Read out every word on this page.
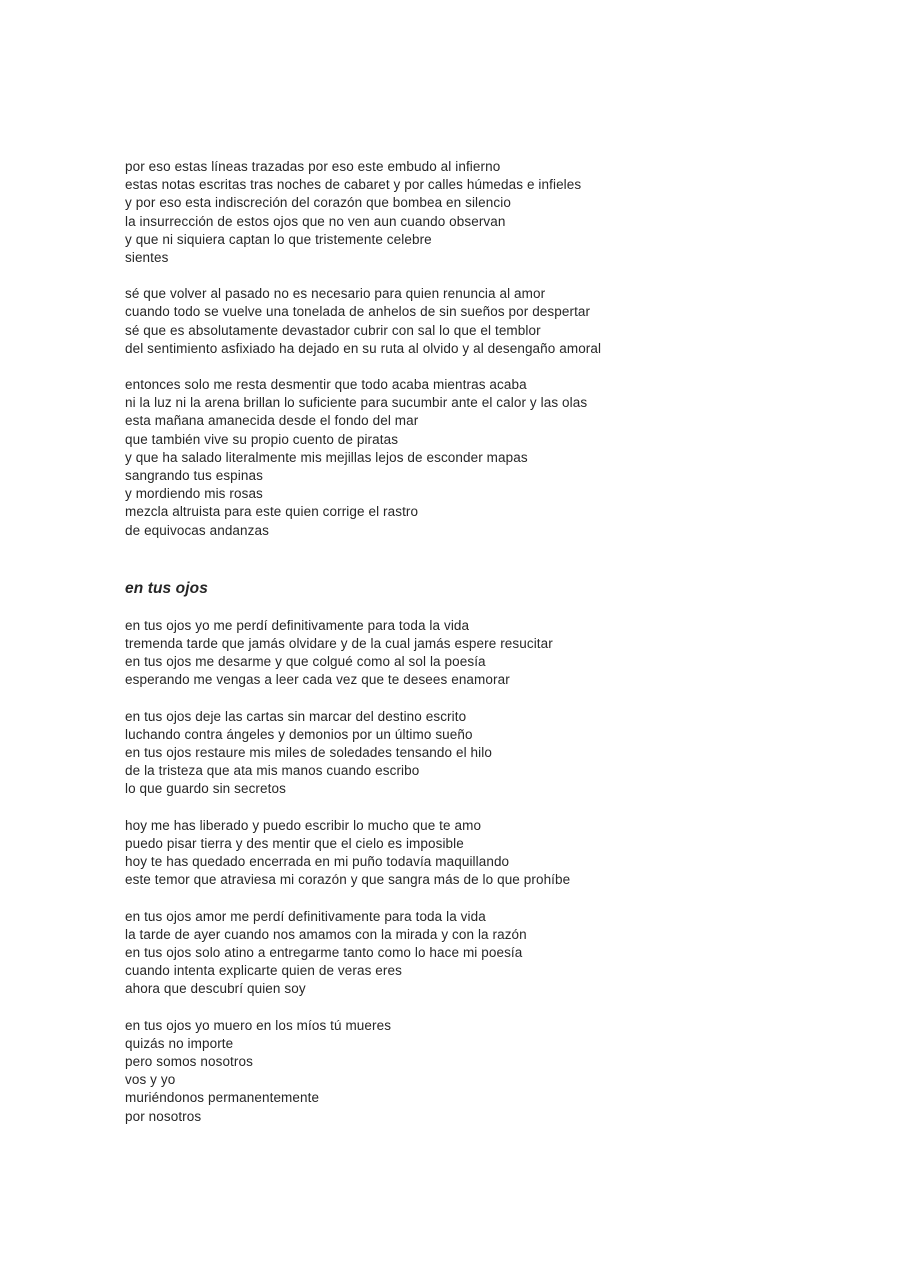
por eso estas líneas trazadas por eso este embudo al infierno

estas notas escritas tras noches de cabaret y por calles húmedas e infieles

y por eso esta indiscreción del corazón que bombea en silencio

la insurrección de estos ojos que no ven aun cuando observan

y que ni siquiera captan lo que tristemente celebre

sientes

sé que volver al pasado no es necesario para quien renuncia al amor

cuando todo se vuelve una tonelada de anhelos de sin sueños por despertar

sé que es absolutamente devastador cubrir con sal lo que el temblor

del sentimiento asfixiado ha dejado en su ruta al olvido y al desengaño amoral

entonces solo me resta desmentir que todo acaba mientras acaba

ni la luz ni la arena brillan lo suficiente para sucumbir ante el calor y las olas

esta mañana amanecida desde el fondo del mar

que también vive su propio cuento de piratas

y que ha salado literalmente mis mejillas lejos de esconder mapas

sangrando tus espinas

y mordiendo mis rosas

mezcla altruista para este quien corrige el rastro

de equivocas andanzas

en tus ojos

en tus ojos yo me perdí definitivamente para toda la vida

tremenda tarde que jamás olvidare y de la cual jamás espere resucitar

en tus ojos me desarme y que colgué como al sol la poesía

esperando me vengas a leer cada vez que te desees enamorar

en tus ojos deje las cartas sin marcar del destino escrito

luchando contra ángeles y demonios por un último sueño

en tus ojos restaure mis miles de soledades tensando el hilo

de la tristeza que ata mis manos cuando escribo

lo que guardo sin secretos

hoy me has liberado y puedo escribir lo mucho que te amo

puedo pisar tierra y des mentir que el cielo es imposible

hoy te has quedado encerrada en mi puño todavía maquillando

este temor que atraviesa mi corazón y que sangra más de lo que prohíbe

en tus ojos amor me perdí definitivamente para toda la vida

la tarde de ayer cuando nos amamos con la mirada y con la razón

en tus ojos solo atino a entregarme tanto como lo hace mi poesía

cuando intenta explicarte quien de veras eres

ahora que descubrí quien soy

en tus ojos yo muero en los míos tú mueres

quizás no importe

pero somos nosotros

vos y yo

muriéndonos permanentemente

por nosotros
